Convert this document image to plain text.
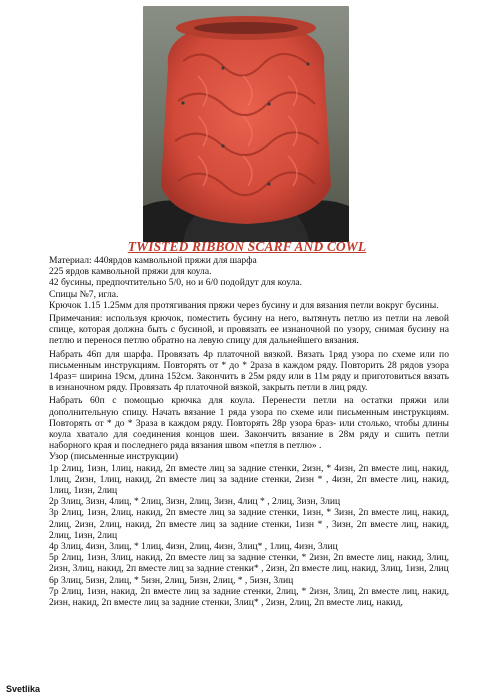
TWISTED RIBBON SCARF AND COWL

Материал: 440ярдов камвольной пряжи для шарфа

225 ярдов камвольной пряжи для коула.

42 бусины, предпочтительно 5/0, но и 6/0 подойдут для коула.

Спицы №7, игла.

Крючок 1.15 1.25мм для протягивания пряжи через бусину и для вязания петли вокруг бусины.

Примечания: используя крючок, поместить бусину на него, вытянуть петлю из петли на левой спице, которая должна быть с бусиной, и провязать ее изнаночной по узору, снимая бусину на петлю и перенося петлю обратно на левую спицу для дальнейшего вязания.

Набрать 46п для шарфа. Провязать 4р платочной вязкой. Вязать 1ряд узора по схеме или по письменным инструкциям. Повторять от * до * 2раза в каждом ряду. Повторить 28 рядов узора 14раз= ширина 19см, длина 152см. Закончить в 25м ряду или в 11м ряду и приготовиться вязать в изнаночном ряду. Провязать 4р платочной вязкой, закрыть петли в лиц ряду.

Набрать 60п с помощью крючка для коула. Перенести петли на остатки пряжи или дополнительную спицу. Начать вязание 1 ряда узора по схеме или письменным инструкциям. Повторять от * до * 3раза в каждом ряду. Повторять 28р узора 6раз- или столько, чтобы длины коула хватало для соединения концов шеи. Закончить вязание в 28м ряду и сшить петли наборного края и последнего ряда вязания швом «петля в петлю» .

Узор (письменные инструкции)

1р 2лиц, 1изн, 1лиц, накид, 2п вместе лиц за задние стенки, 2изн, * 4изн, 2п вместе лиц, накид, 1лиц, 2изн, 1лиц, накид, 2п вместе лиц за задние стенки, 2изн * , 4изн, 2п вместе лиц, накид, 1лиц, 1изн, 2лиц

2р 3лиц, 3изн, 4лиц, * 2лиц, 3изн, 2лиц, 3изн, 4лиц * , 2лиц, 3изн, 3лиц

3р 2лиц, 1изн, 2лиц, накид, 2п вместе лиц за задние стенки, 1изн, * 3изн, 2п вместе лиц, накид, 2лиц, 2изн, 2лиц, накид, 2п вместе лиц за задние стенки, 1изн * , 3изн, 2п вместе лиц, накид, 2лиц, 1изн, 2лиц

4р 3лиц, 4изн, 3лиц, * 1лиц, 4изн, 2лиц, 4изн, 3лиц* , 1лиц, 4изн, 3лиц

5р 2лиц, 1изн, 3лиц, накид, 2п вместе лиц за задние стенки, * 2изн, 2п вместе лиц, накид, 3лиц, 2изн, 3лиц, накид, 2п вместе лиц за задние стенки* , 2изн, 2п вместе лиц, накид, 3лиц, 1изн, 2лиц

6р 3лиц, 5изн, 2лиц, * 5изн, 2лиц, 5изн, 2лиц, * , 5изн, 3лиц

7р 2лиц, 1изн, накид, 2п вместе лиц за задние стенки, 2лиц, * 2изн, 3лиц, 2п вместе лиц, накид, 2изн, накид, 2п вместе лиц за задние стенки, 3лиц* , 2изн, 2лиц, 2п вместе лиц, накид,

Svetlika
